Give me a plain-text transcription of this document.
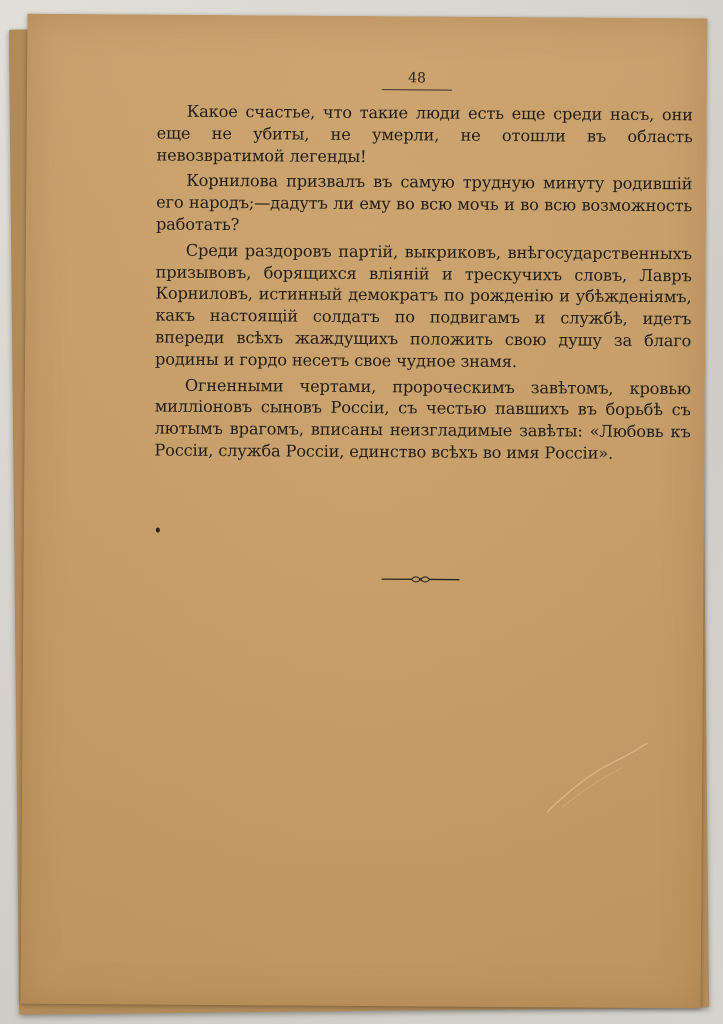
48

Какое счастье, что такие люди есть еще среди насъ, они еще не убиты, не умерли, не отошли въ область невозвратимой легенды!

Корнилова призвалъ въ самую трудную минуту родившій его народъ;—дадутъ ли ему во всю мочь и во всю возможность работать?

Среди раздоровъ партій, выкриковъ, внѣгосударственныхъ призывовъ, борящихся вліяній и трескучихъ словъ, Лавръ Корниловъ, истинный демократъ по рожденію и убѣжденіямъ, какъ настоящій солдатъ по подвигамъ и службѣ, идетъ впереди всѣхъ жаждущихъ положить свою душу за благо родины и гордо несетъ свое чудное знамя.

Огненными чертами, пророческимъ завѣтомъ, кровью милліоновъ сыновъ Россіи, съ честью павшихъ въ борьбѣ съ лютымъ врагомъ, вписаны неизгладимые завѣты: «Любовь къ Россіи, служба Россіи, единство всѣхъ во имя Россіи».
